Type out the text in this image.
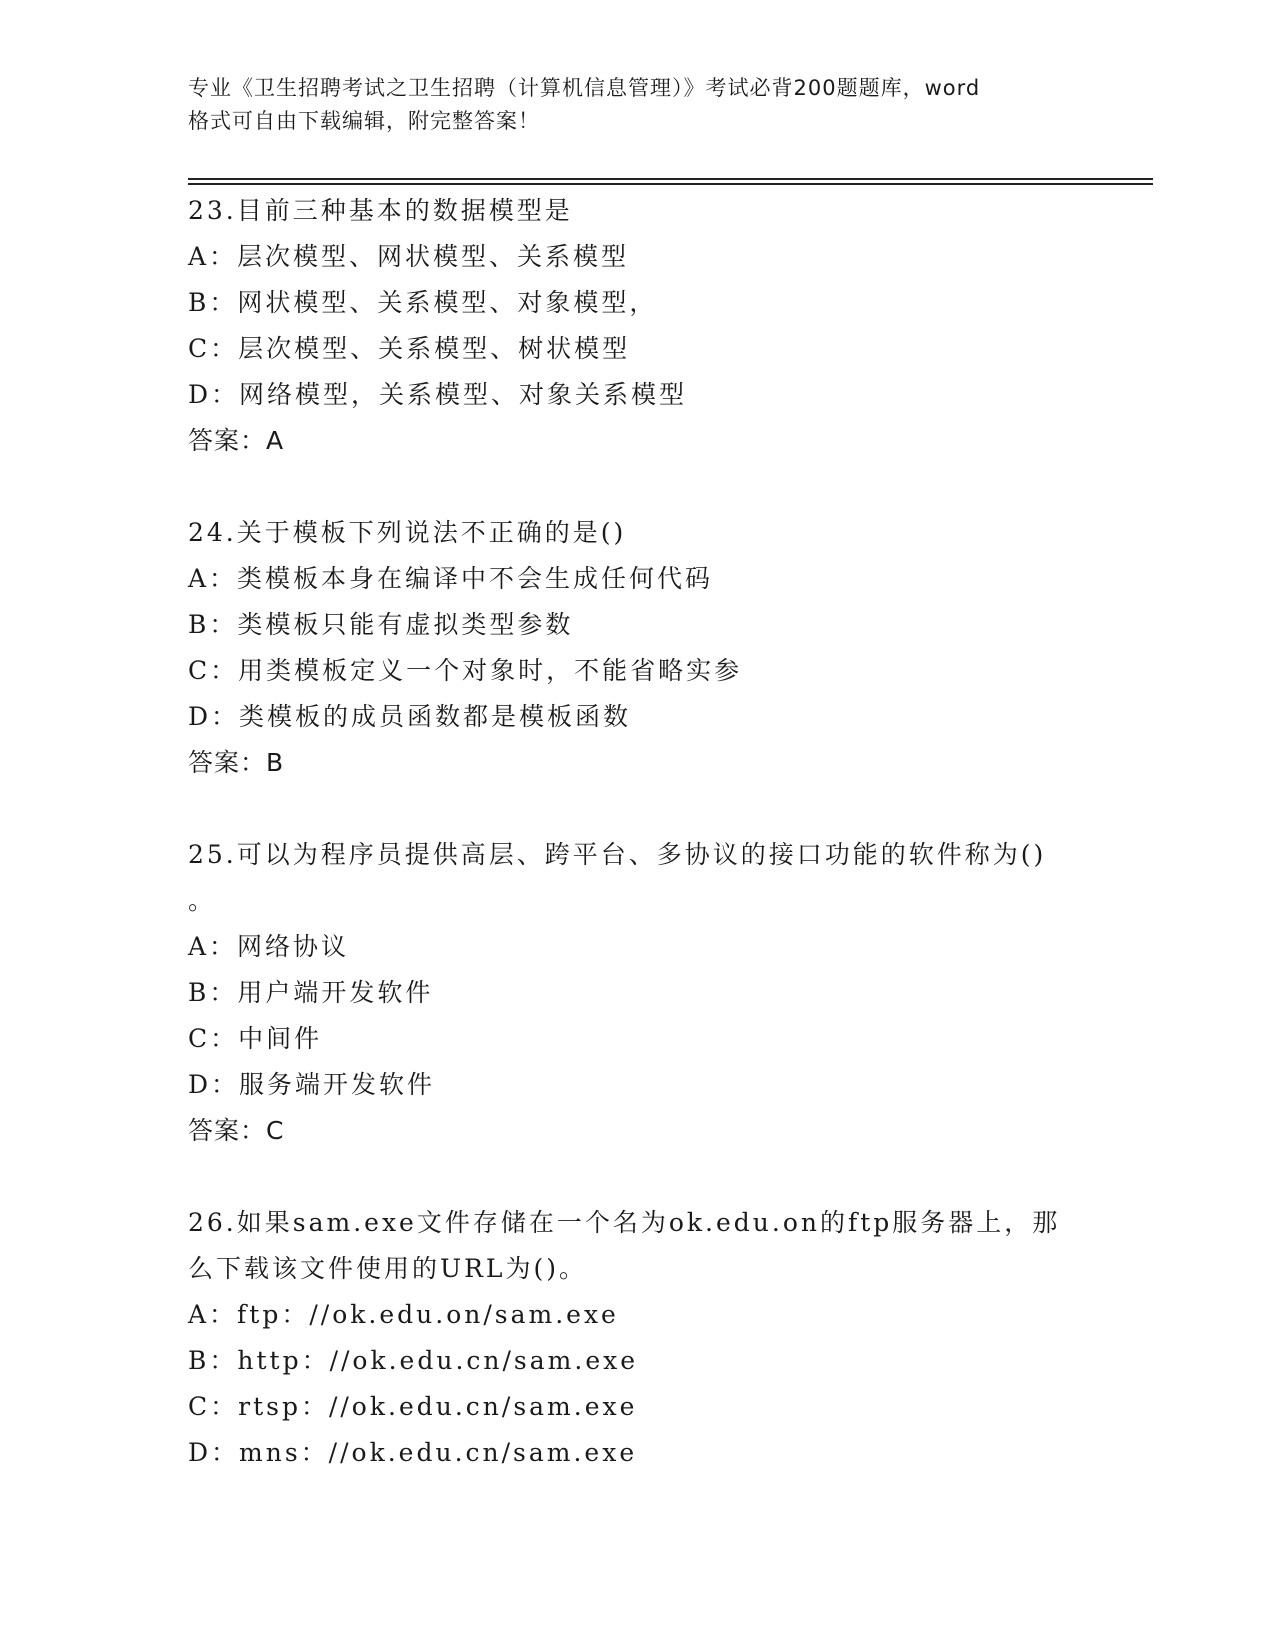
专业《卫生招聘考试之卫生招聘（计算机信息管理）》考试必背200题题库，word
格式可自由下载编辑，附完整答案！
23.目前三种基本的数据模型是
A：层次模型、网状模型、关系模型
B：网状模型、关系模型、对象模型，
C：层次模型、关系模型、树状模型
D：网络模型，关系模型、对象关系模型
答案：A
24.关于模板下列说法不正确的是()
A：类模板本身在编译中不会生成任何代码
B：类模板只能有虚拟类型参数
C：用类模板定义一个对象时，不能省略实参
D：类模板的成员函数都是模板函数
答案：B
25.可以为程序员提供高层、跨平台、多协议的接口功能的软件称为()
。
A：网络协议
B：用户端开发软件
C：中间件
D：服务端开发软件
答案：C
26.如果sam.exe文件存储在一个名为ok.edu.on的ftp服务器上，那
么下载该文件使用的URL为()。
A：ftp：//ok.edu.on/sam.exe
B：http：//ok.edu.cn/sam.exe
C：rtsp：//ok.edu.cn/sam.exe
D：mns：//ok.edu.cn/sam.exe
